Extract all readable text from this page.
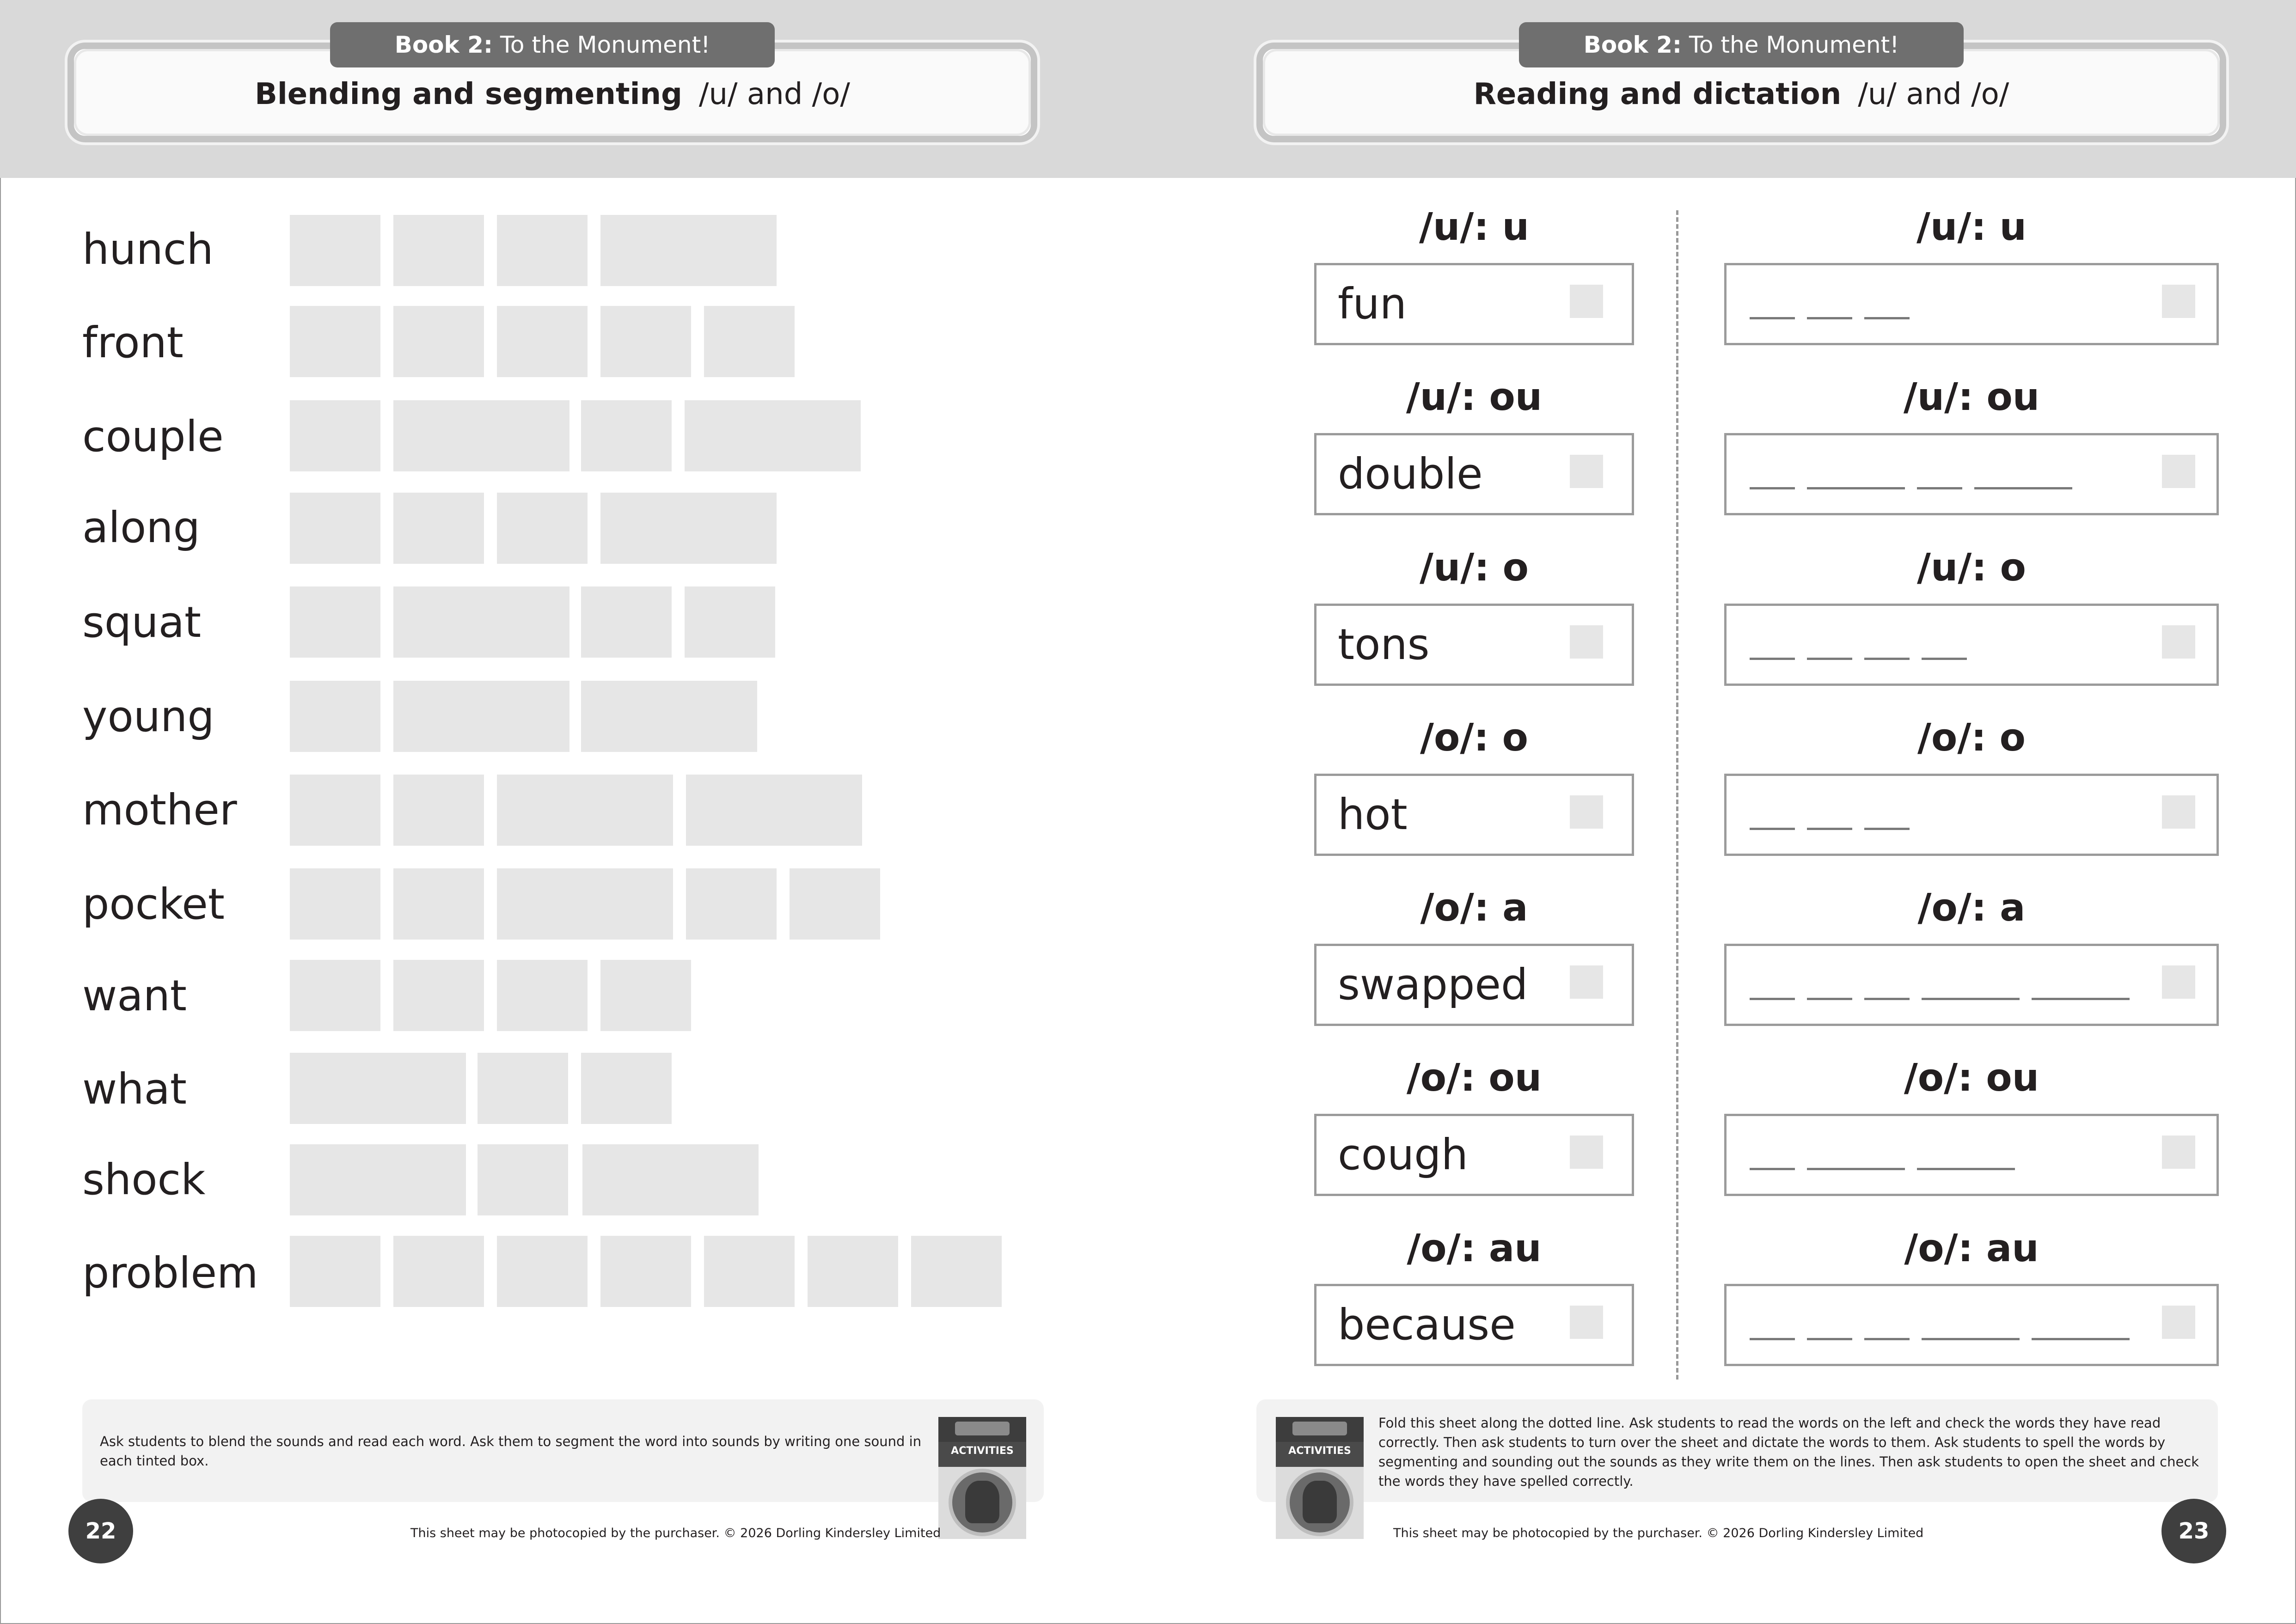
Book 2:
To the Monument!
Blending and segmenting /u/ and /o/
Book 2:
To the Monument!
Reading and dictation /u/ and /o/
hunch
front
couple
along
squat
young
mother
pocket
want
what
shock
problem
/u/: u
fun
/u/: ou
double
/u/: o
tons
/o/: o
hot
/o/: a
swapped
/o/: ou
cough
/o/: au
because
/u/: u
/u/: ou
/u/: o
/o/: o
/o/: a
/o/: ou
/o/: au
Ask students to blend the sounds and read each word. Ask them to segment the word into sounds by writing one sound in each tinted box.
ACTIVITIES
Fold this sheet along the dotted line. Ask students to read the words on the left and check the words they have read correctly. Then ask students to turn over the sheet and dictate the words to them. Ask students to spell the words by segmenting and sounding out the sounds as they write them on the lines. Then ask students to open the sheet and check the words they have spelled correctly.
ACTIVITIES
22	23
This sheet may be photocopied by the purchaser. © 2026 Dorling Kindersley Limited	This sheet may be photocopied by the purchaser. © 2026 Dorling Kindersley Limited
